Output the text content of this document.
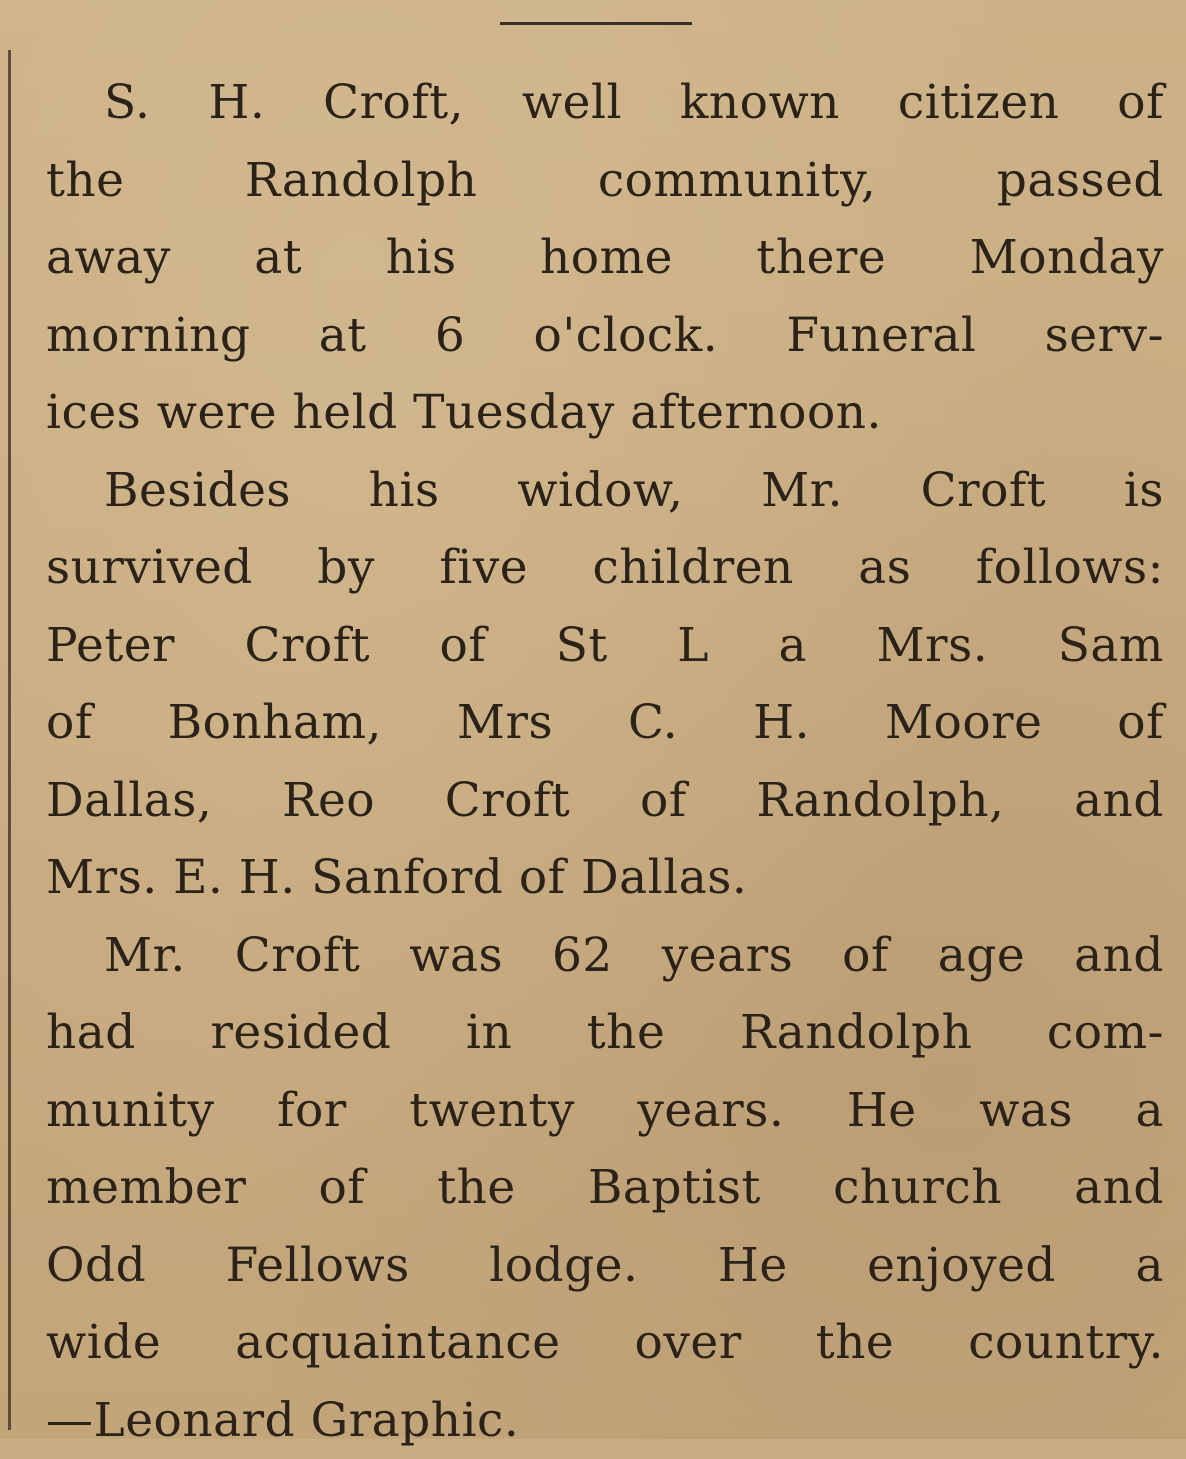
S. H. Croft, well known citizen of
the Randolph community, passed
away at his home there Monday
morning at 6 o'clock. Funeral serv-
ices were held Tuesday afternoon.
Besides his widow, Mr. Croft is
survived by five children as follows:
Peter Croft of St L a Mrs. Sam
of Bonham, Mrs C. H. Moore of
Dallas, Reo Croft of Randolph, and
Mrs. E. H. Sanford of Dallas.
Mr. Croft was 62 years of age and
had resided in the Randolph com-
munity for twenty years. He was a
member of the Baptist church and
Odd Fellows lodge. He enjoyed a
wide acquaintance over the country.
—Leonard Graphic.
